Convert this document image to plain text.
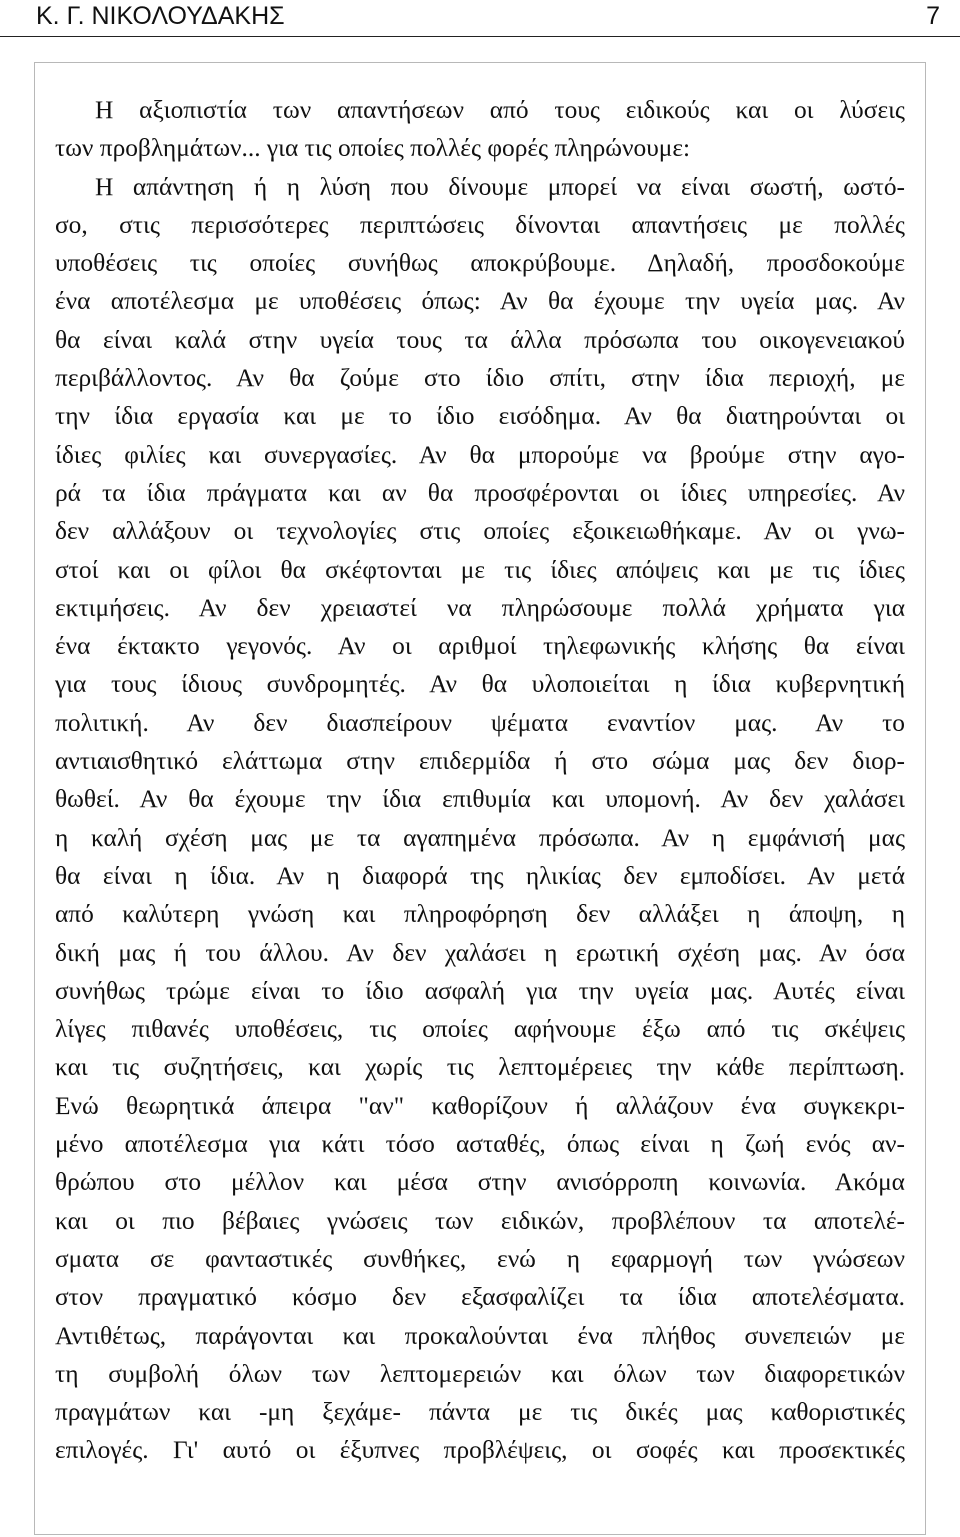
Κ. Γ. ΝΙΚΟΛΟΥΔΑΚΗΣ	7
Η αξιοπιστία των απαντήσεων από τους ειδικούς και οι λύσεις
των προβλημάτων... για τις οποίες πολλές φορές πληρώνουμε:
Η απάντηση ή η λύση που δίνουμε μπορεί να είναι σωστή, ωστό-
σο, στις περισσότερες περιπτώσεις δίνονται απαντήσεις με πολλές
υποθέσεις τις οποίες συνήθως αποκρύβουμε. Δηλαδή, προσδοκούμε
ένα αποτέλεσμα με υποθέσεις όπως: Αν θα έχουμε την υγεία μας. Αν
θα είναι καλά στην υγεία τους τα άλλα πρόσωπα του οικογενειακού
περιβάλλοντος. Αν θα ζούμε στο ίδιο σπίτι, στην ίδια περιοχή, με
την ίδια εργασία και με το ίδιο εισόδημα. Αν θα διατηρούνται οι
ίδιες φιλίες και συνεργασίες. Αν θα μπορούμε να βρούμε στην αγο-
ρά τα ίδια πράγματα και αν θα προσφέρονται οι ίδιες υπηρεσίες. Αν
δεν αλλάξουν οι τεχνολογίες στις οποίες εξοικειωθήκαμε. Αν οι γνω-
στοί και οι φίλοι θα σκέφτονται με τις ίδιες απόψεις και με τις ίδιες
εκτιμήσεις. Αν δεν χρειαστεί να πληρώσουμε πολλά χρήματα για
ένα έκτακτο γεγονός. Αν οι αριθμοί τηλεφωνικής κλήσης θα είναι
για τους ίδιους συνδρομητές. Αν θα υλοποιείται η ίδια κυβερνητική
πολιτική. Αν δεν διασπείρουν ψέματα εναντίον μας. Αν το
αντιαισθητικό ελάττωμα στην επιδερμίδα ή στο σώμα μας δεν διορ-
θωθεί. Αν θα έχουμε την ίδια επιθυμία και υπομονή. Αν δεν χαλάσει
η καλή σχέση μας με τα αγαπημένα πρόσωπα. Αν η εμφάνισή μας
θα είναι η ίδια. Αν η διαφορά της ηλικίας δεν εμποδίσει. Αν μετά
από καλύτερη γνώση και πληροφόρηση δεν αλλάξει η άποψη, η
δική μας ή του άλλου. Αν δεν χαλάσει η ερωτική σχέση μας. Αν όσα
συνήθως τρώμε είναι το ίδιο ασφαλή για την υγεία μας. Αυτές είναι
λίγες πιθανές υποθέσεις, τις οποίες αφήνουμε έξω από τις σκέψεις
και τις συζητήσεις, και χωρίς τις λεπτομέρειες την κάθε περίπτωση.
Ενώ θεωρητικά άπειρα "αν" καθορίζουν ή αλλάζουν ένα συγκεκρι-
μένο αποτέλεσμα για κάτι τόσο ασταθές, όπως είναι η ζωή ενός αν-
θρώπου στο μέλλον και μέσα στην ανισόρροπη κοινωνία. Ακόμα
και οι πιο βέβαιες γνώσεις των ειδικών, προβλέπουν τα αποτελέ-
σματα σε φανταστικές συνθήκες, ενώ η εφαρμογή των γνώσεων
στον πραγματικό κόσμο δεν εξασφαλίζει τα ίδια αποτελέσματα.
Αντιθέτως, παράγονται και προκαλούνται ένα πλήθος συνεπειών με
τη συμβολή όλων των λεπτομερειών και όλων των διαφορετικών
πραγμάτων και -μη ξεχάμε- πάντα με τις δικές μας καθοριστικές
επιλογές. Γι' αυτό οι έξυπνες προβλέψεις, οι σοφές και προσεκτικές
